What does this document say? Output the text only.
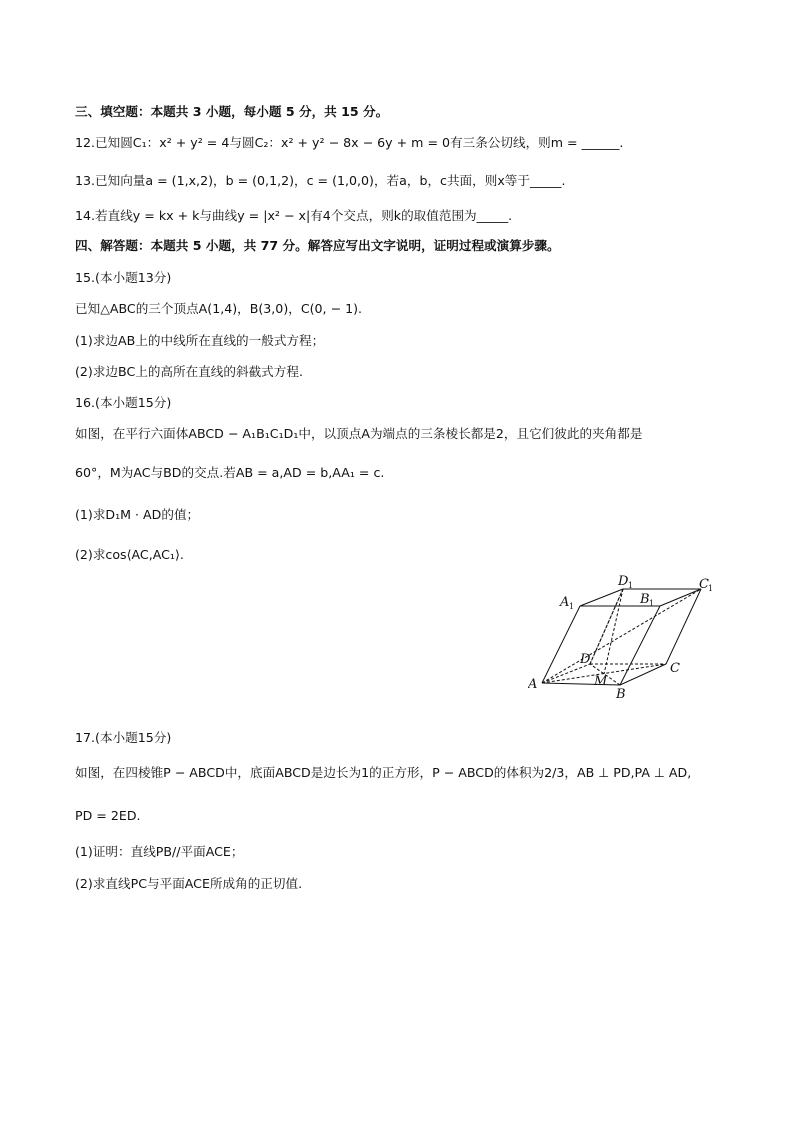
三、填空题：本题共 3 小题，每小题 5 分，共 15 分。
12.已知圆C₁：x² + y² = 4与圆C₂：x² + y² − 8x − 6y + m = 0有三条公切线，则m = ______.
13.已知向量a = (1,x,2)，b = (0,1,2)，c = (1,0,0)，若a，b，c共面，则x等于_____.
14.若直线y = kx + k与曲线y = |x² − x|有4个交点，则k的取值范围为_____.
四、解答题：本题共 5 小题，共 77 分。解答应写出文字说明，证明过程或演算步骤。
15.(本小题13分)
已知△ABC的三个顶点A(1,4)，B(3,0)，C(0, − 1).
(1)求边AB上的中线所在直线的一般式方程；
(2)求边BC上的高所在直线的斜截式方程.
16.(本小题15分)
如图，在平行六面体ABCD − A₁B₁C₁D₁中，以顶点A为端点的三条棱长都是2，且它们彼此的夹角都是
60°，M为AC与BD的交点.若AB = a,AD = b,AA₁ = c.
(1)求D₁M · AD的值；
(2)求cos⟨AC,AC₁⟩.
A
B
C
D
M
A 1	B 1
C 1
D 1
17.(本小题15分)
如图，在四棱锥P − ABCD中，底面ABCD是边长为1的正方形，P − ABCD的体积为2/3，AB ⊥ PD,PA ⊥ AD,
PD = 2ED.
(1)证明：直线PB//平面ACE；
(2)求直线PC与平面ACE所成角的正切值.
